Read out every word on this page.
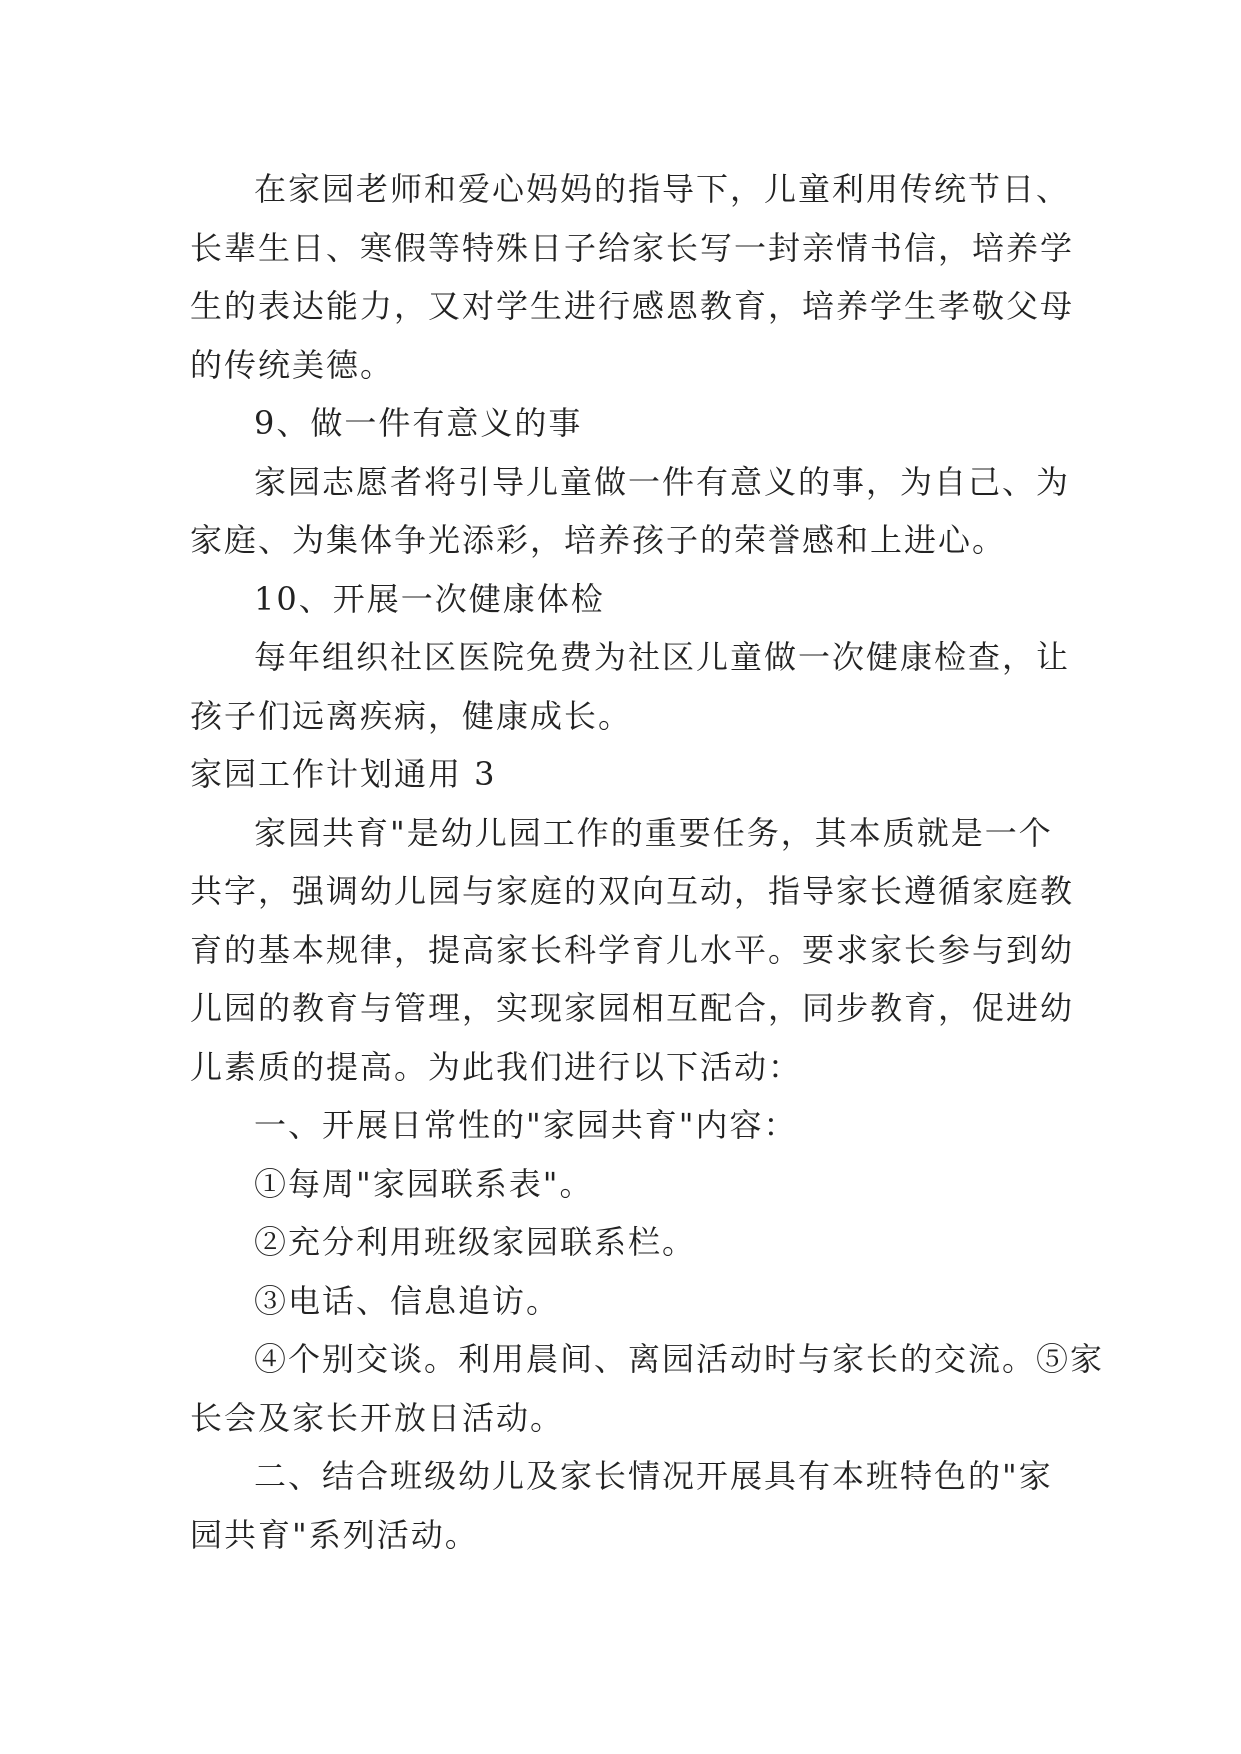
在家园老师和爱心妈妈的指导下，儿童利用传统节日、
长辈生日、寒假等特殊日子给家长写一封亲情书信，培养学
生的表达能力，又对学生进行感恩教育，培养学生孝敬父母
的传统美德。
9、做一件有意义的事
家园志愿者将引导儿童做一件有意义的事，为自己、为
家庭、为集体争光添彩，培养孩子的荣誉感和上进心。
10、开展一次健康体检
每年组织社区医院免费为社区儿童做一次健康检查，让
孩子们远离疾病，健康成长。
家园工作计划通用 3
家园共育"是幼儿园工作的重要任务，其本质就是一个
共字，强调幼儿园与家庭的双向互动，指导家长遵循家庭教
育的基本规律，提高家长科学育儿水平。要求家长参与到幼
儿园的教育与管理，实现家园相互配合，同步教育，促进幼
儿素质的提高。为此我们进行以下活动：
一、开展日常性的"家园共育"内容：
①每周"家园联系表"。
②充分利用班级家园联系栏。
③电话、信息追访。
④个别交谈。利用晨间、离园活动时与家长的交流。⑤家
长会及家长开放日活动。
二、结合班级幼儿及家长情况开展具有本班特色的"家
园共育"系列活动。
